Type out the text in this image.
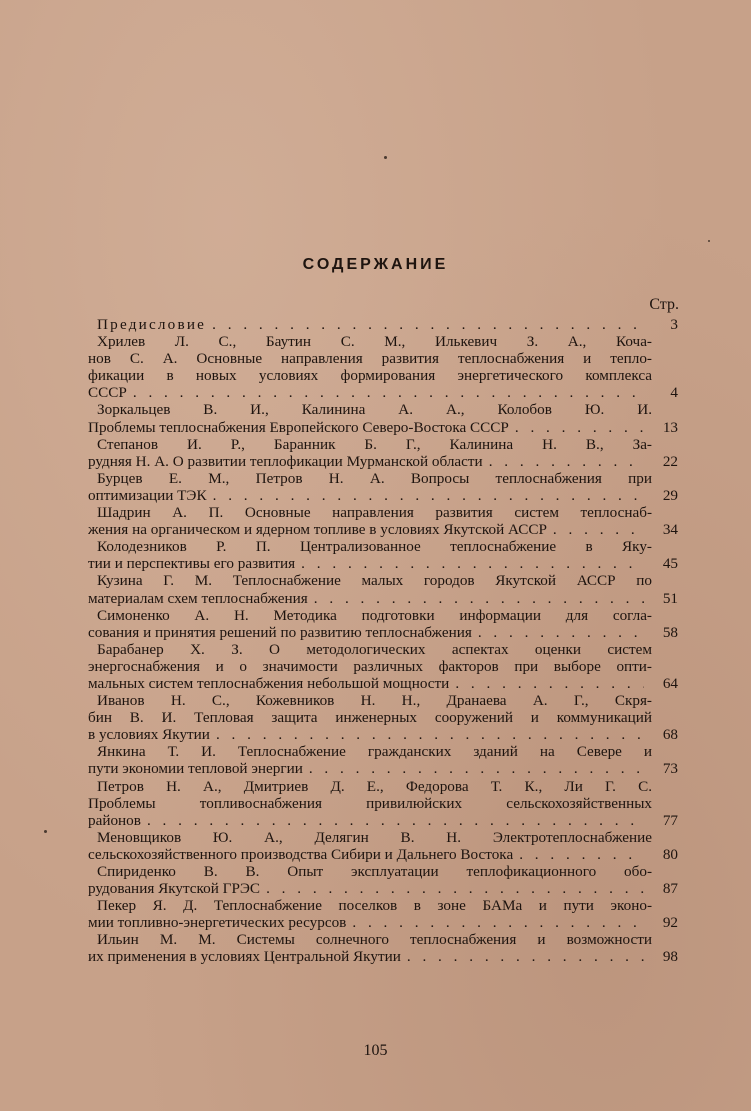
СОДЕРЖАНИЕ
Стр.
Предисловие . . .	3
Хрилев Л. С., Баутин С. М., Илькевич З. А., Коча-
нов С. А. Основные направления развития теплоснабжения и тепло-
фикации в новых условиях формирования энергетического комплекса
СССР . . .	4
Зоркальцев В. И., Калинина А. А., Колобов Ю. И.
Проблемы теплоснабжения Европейского Северо-Востока СССР . . .	13
Степанов И. Р., Баранник Б. Г., Калинина Н. В., За-
рудняя Н. А. О развитии теплофикации Мурманской области . . .	22
Бурцев Е. М., Петров Н. А. Вопросы теплоснабжения при
оптимизации ТЭК . . .	29
Шадрин А. П. Основные направления развития систем теплоснаб-
жения на органическом и ядерном топливе в условиях Якутской АССР . . .	34
Колодезников Р. П. Централизованное теплоснабжение в Яку-
тии и перспективы его развития . . .	45
Кузина Г. М. Теплоснабжение малых городов Якутской АССР по
материалам схем теплоснабжения . . .	51
Симоненко А. Н. Методика подготовки информации для согла-
сования и принятия решений по развитию теплоснабжения . . .	58
Барабанер Х. З. О методологических аспектах оценки систем
энергоснабжения и о значимости различных факторов при выборе опти-
мальных систем теплоснабжения небольшой мощности . . .	64
Иванов Н. С., Кожевников Н. Н., Дранаева А. Г., Скря-
бин В. И. Тепловая защита инженерных сооружений и коммуникаций
в условиях Якутии . . .	68
Янкина Т. И. Теплоснабжение гражданских зданий на Севере и
пути экономии тепловой энергии . . .	73
Петров Н. А., Дмитриев Д. Е., Федорова Т. К., Ли Г. С.
Проблемы топливоснабжения привилюйских сельскохозяйственных
районов . . .	77
Меновщиков Ю. А., Делягин В. Н. Электротеплоснабжение
сельскохозяйственного производства Сибири и Дальнего Востока . . .	80
Спириденко В. В. Опыт эксплуатации теплофикационного обо-
рудования Якутской ГРЭС . . .	87
Пекер Я. Д. Теплоснабжение поселков в зоне БАМа и пути эконо-
мии топливно-энергетических ресурсов . . .	92
Ильин М. М. Системы солнечного теплоснабжения и возможности
их применения в условиях Центральной Якутии . . .	98
105
